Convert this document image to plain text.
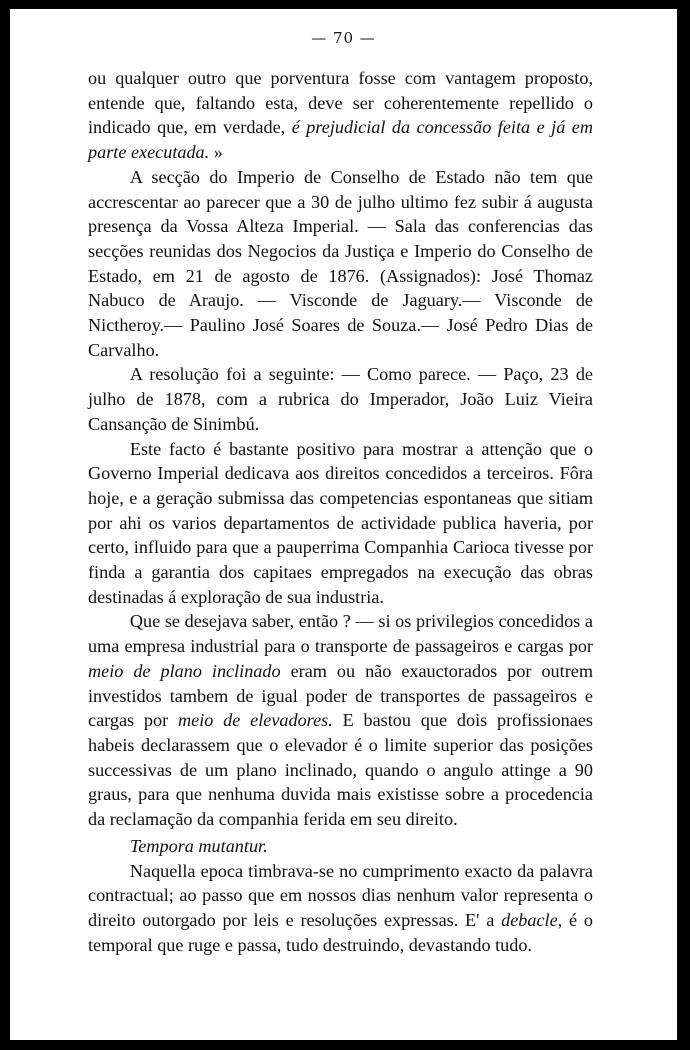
— 70 —

ou qualquer outro que porventura fosse com vantagem proposto, entende que, faltando esta, deve ser coherentemente repellido o indicado que, em verdade, é prejudicial da concessão feita e já em parte executada. »

A secção do Imperio de Conselho de Estado não tem que accrescentar ao parecer que a 30 de julho ultimo fez subir á augusta presença da Vossa Alteza Imperial. — Sala das conferencias das secções reunidas dos Negocios da Justiça e Imperio do Conselho de Estado, em 21 de agosto de 1876. (Assignados): José Thomaz Nabuco de Araujo. — Visconde de Jaguary.— Visconde de Nictheroy.— Paulino José Soares de Souza.— José Pedro Dias de Carvalho.

A resolução foi a seguinte: — Como parece. — Paço, 23 de julho de 1878, com a rubrica do Imperador, João Luiz Vieira Cansanção de Sinimbú.

Este facto é bastante positivo para mostrar a attenção que o Governo Imperial dedicava aos direitos concedidos a terceiros. Fôra hoje, e a geração submissa das competencias espontaneas que sitiam por ahi os varios departamentos de actividade publica haveria, por certo, influido para que a pauperrima Companhia Carioca tivesse por finda a garantia dos capitaes empregados na execução das obras destinadas á exploração de sua industria.

Que se desejava saber, então ? — si os privilegios concedidos a uma empresa industrial para o transporte de passageiros e cargas por meio de plano inclinado eram ou não exauctorados por outrem investidos tambem de igual poder de transportes de passageiros e cargas por meio de elevadores. E bastou que dois profissionaes habeis declarassem que o elevador é o limite superior das posições successivas de um plano inclinado, quando o angulo attinge a 90 graus, para que nenhuma duvida mais existisse sobre a procedencia da reclamação da companhia ferida em seu direito.

Tempora mutantur.

Naquella epoca timbrava-se no cumprimento exacto da palavra contractual; ao passo que em nossos dias nenhum valor representa o direito outorgado por leis e resoluções expressas. E' a debacle, é o temporal que ruge e passa, tudo destruindo, devastando tudo.
